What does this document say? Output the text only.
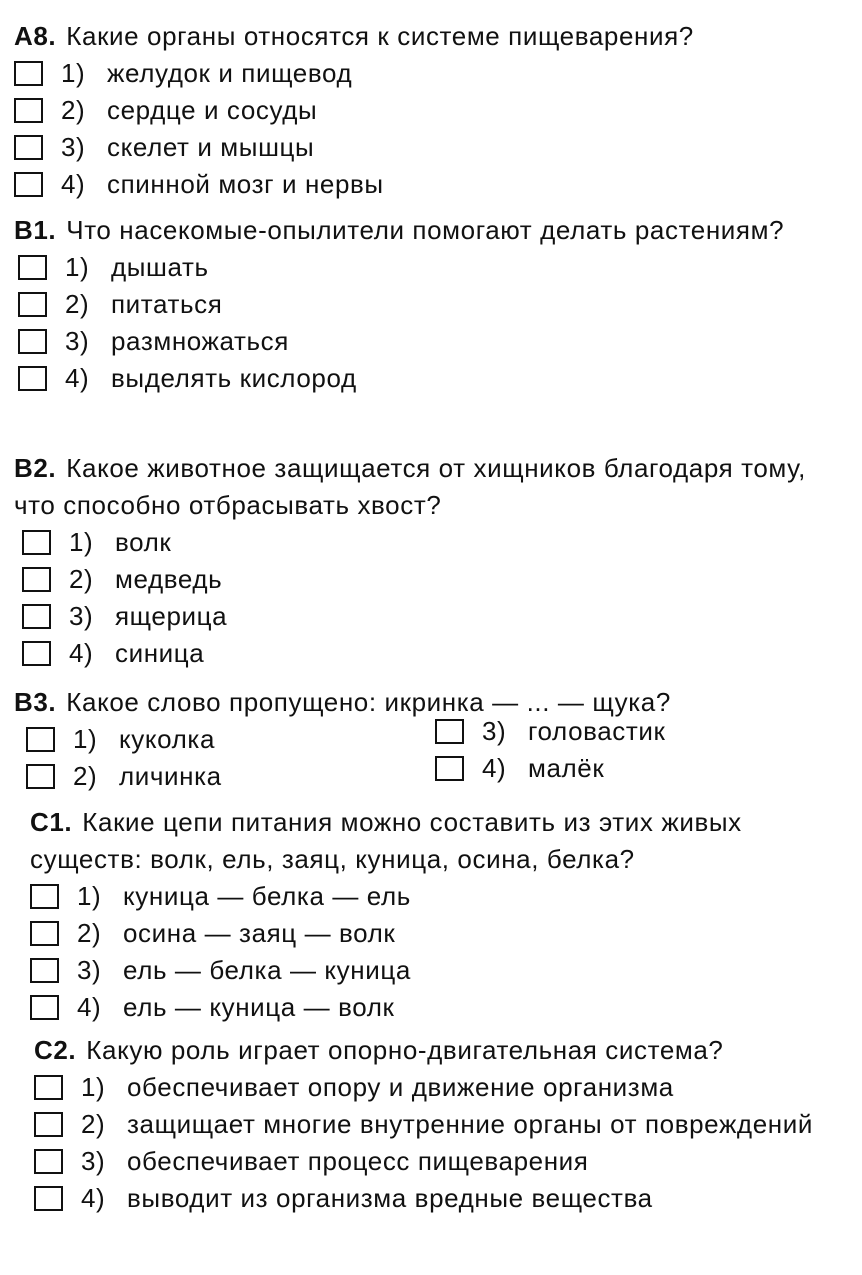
А8. Какие органы относятся к системе пищеварения?

1) желудок и пищевод
2) сердце и сосуды
3) скелет и мышцы
4) спинной мозг и нервы

В1. Что насекомые-опылители помогают делать растениям?

1) дышать
2) питаться
3) размножаться
4) выделять кислород

В2. Какое животное защищается от хищников благодаря тому, что способно отбрасывать хвост?

1) волк
2) медведь
3) ящерица
4) синица

В3. Какое слово пропущено: икринка — ... — щука?

1) куколка
2) личинка
3) головастик
4) малёк

С1. Какие цепи питания можно составить из этих живых существ: волк, ель, заяц, куница, осина, белка?

1) куница — белка — ель
2) осина — заяц — волк
3) ель — белка — куница
4) ель — куница — волк

С2. Какую роль играет опорно-двигательная система?

1) обеспечивает опору и движение организма
2) защищает многие внутренние органы от повреждений
3) обеспечивает процесс пищеварения
4) выводит из организма вредные вещества
